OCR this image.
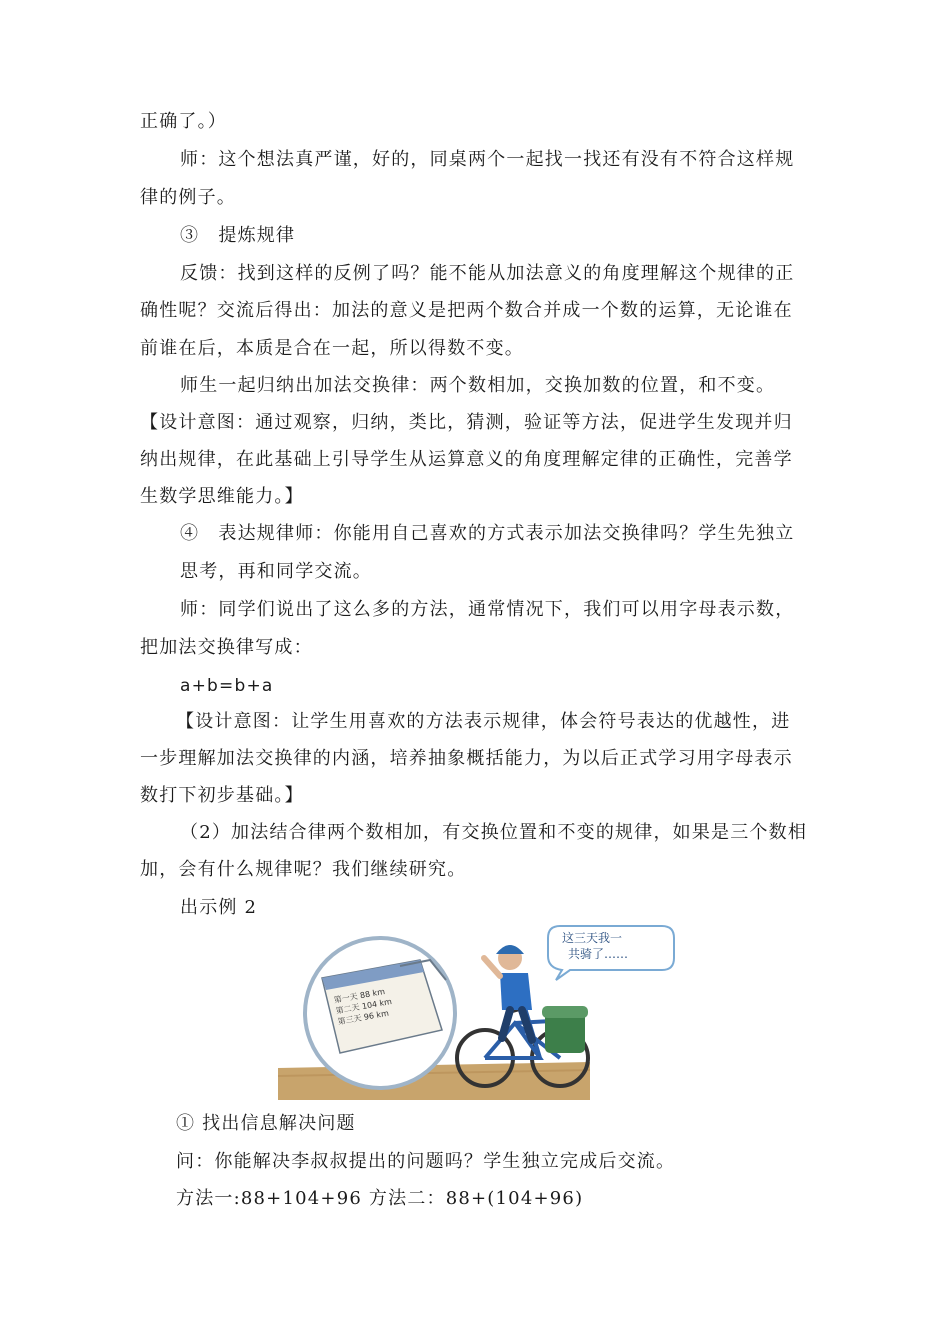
正确了。）
师：这个想法真严谨，好的，同桌两个一起找一找还有没有不符合这样规
律的例子。
③　提炼规律
反馈：找到这样的反例了吗？能不能从加法意义的角度理解这个规律的正
确性呢？交流后得出：加法的意义是把两个数合并成一个数的运算，无论谁在
前谁在后，本质是合在一起，所以得数不变。
师生一起归纳出加法交换律：两个数相加，交换加数的位置，和不变。
【设计意图：通过观察，归纳，类比，猜测，验证等方法，促进学生发现并归
纳出规律，在此基础上引导学生从运算意义的角度理解定律的正确性，完善学
生数学思维能力。】
④　表达规律师：你能用自己喜欢的方式表示加法交换律吗？学生先独立
思考，再和同学交流。
师：同学们说出了这么多的方法，通常情况下，我们可以用字母表示数，
把加法交换律写成：
a+b=b+a
【设计意图：让学生用喜欢的方法表示规律，体会符号表达的优越性，进
一步理解加法交换律的内涵，培养抽象概括能力，为以后正式学习用字母表示
数打下初步基础。】
（2）加法结合律两个数相加，有交换位置和不变的规律，如果是三个数相
加，会有什么规律呢？我们继续研究。
出示例 2
这三天我一
共骑了……
第一天 88 km
第二天 104 km
第三天 96 km
① 找出信息解决问题
问：你能解决李叔叔提出的问题吗？学生独立完成后交流。
方法一:88+104+96 方法二：88+(104+96)
